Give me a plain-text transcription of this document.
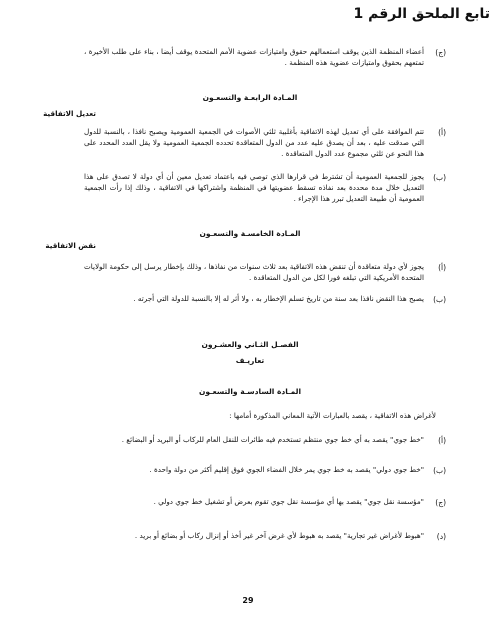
تابع الملحق الرقم 1
(ج)
أعضاء المنظمة الذين يوقف استعمالهم حقوق وامتيازات عضوية الأمم المتحدة يوقف أيضا ، بناء على طلب الأخيرة ، تمتعهم بحقوق وامتيازات عضوية هذه المنظمة .
المـادة الرابعـة والتسعـون
تعديل الاتفاقية
(أ)
تتم الموافقة على أي تعديل لهذه الاتفاقية بأغلبية ثلثي الأصوات في الجمعية العمومية ويصبح نافذا ، بالنسبة للدول التي صدقت عليه ، بعد أن يصدق عليه عدد من الدول المتعاقدة تحدده الجمعية العمومية ولا يقل العدد المحدد على هذا النحو عن ثلثي مجموع عدد الدول المتعاقدة .
(ب)
يجوز للجمعية العمومية أن تشترط في قرارها الذي توصي فيه باعتماد تعديل معين أن أي دولة لا تصدق على هذا التعديل خلال مدة محددة بعد نفاذه تسقط عضويتها في المنظمة واشتراكها في الاتفاقية ، وذلك إذا رأت الجمعية العمومية أن طبيعة التعديل تبرر هذا الإجراء .
المـادة الخامسـة والتسعـون
نقض الاتفاقية
(أ)
يجوز لأي دولة متعاقدة أن تنقض هذه الاتفاقية بعد ثلاث سنوات من نفاذها ، وذلك بإخطار يرسل إلى حكومة الولايات المتحدة الأمريكية التي تبلغه فورا لكل من الدول المتعاقدة .
(ب)
يصبح هذا النقض نافذا بعد سنة من تاريخ تسلم الإخطار به ، ولا أثر له إلا بالنسبة للدولة التي أجرته .
الفصـل الثـاني والعشـرون
تعاريـف
المـادة السادسـة والتسعـون
لأغراض هذه الاتفاقية ، يقصد بالعبارات الآتية المعاني المذكورة أمامها :
(أ)
"خط جوي" يقصد به أي خط جوي منتظم تستخدم فيه طائرات للنقل العام للركاب أو البريد أو البضائع .
(ب)
"خط جوي دولي" يقصد به خط جوي يمر خلال الفضاء الجوي فوق إقليم أكثر من دولة واحدة .
(ج)
"مؤسسة نقل جوي" يقصد بها أي مؤسسة نقل جوي تقوم بعرض أو تشغيل خط جوي دولي .
(د)
"هبوط لأغراض غير تجارية" يقصد به هبوط لأي غرض آخر غير أخذ أو إنزال ركاب أو بضائع أو بريد .
29
